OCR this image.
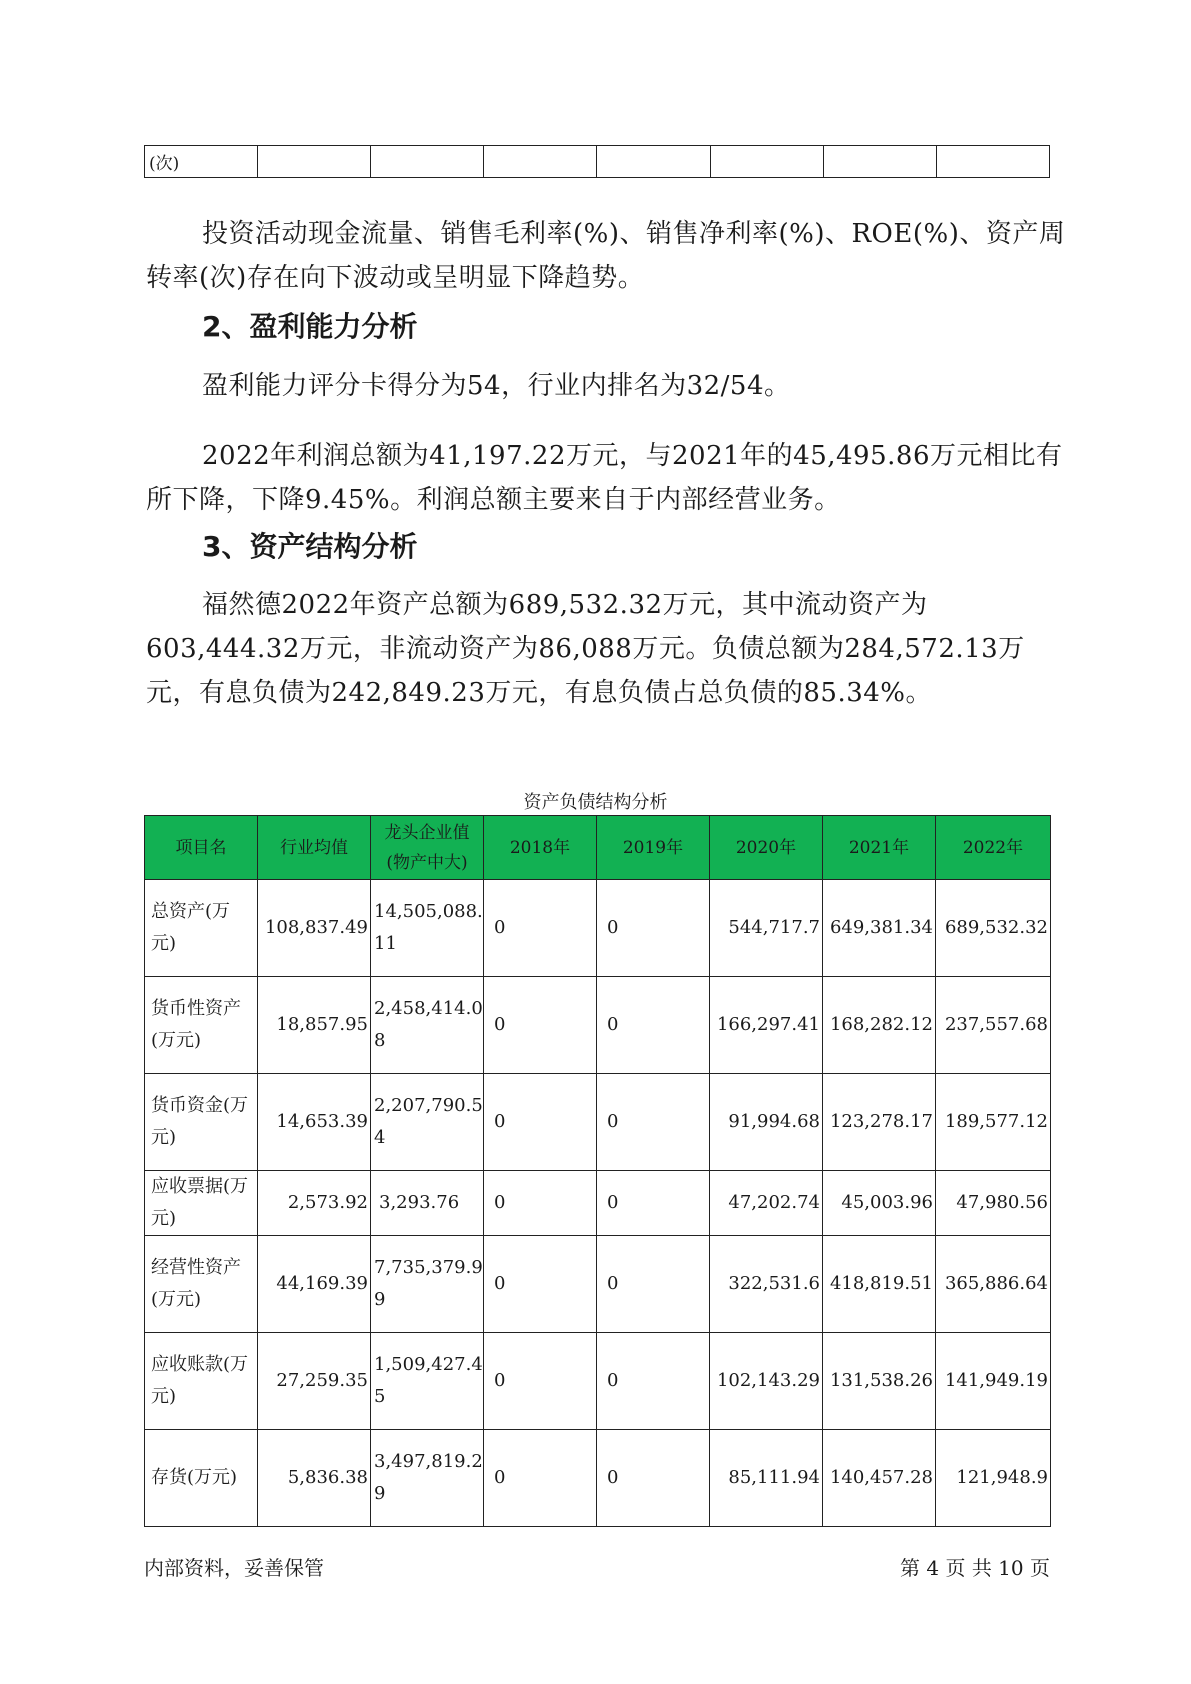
(次)							

投资活动现金流量、销售毛利率(%)、销售净利率(%)、ROE(%)、资产周转率(次)存在向下波动或呈明显下降趋势。

2、盈利能力分析

盈利能力评分卡得分为54，行业内排名为32/54。

2022年利润总额为41,197.22万元，与2021年的45,495.86万元相比有所下降，下降9.45%。利润总额主要来自于内部经营业务。

3、资产结构分析

福然德2022年资产总额为689,532.32万元，其中流动资产为603,444.32万元，非流动资产为86,088万元。负债总额为284,572.13万元，有息负债为242,849.23万元，有息负债占总负债的85.34%。

资产负债结构分析

项目名	行业均值	龙头企业值(物产中大)	2018年	2019年	2020年	2021年	2022年
总资产(万元)	108,837.49	14,505,088.11	0	0	544,717.7	649,381.34	689,532.32
货币性资产(万元)	18,857.95	2,458,414.08	0	0	166,297.41	168,282.12	237,557.68
货币资金(万元)	14,653.39	2,207,790.54	0	0	91,994.68	123,278.17	189,577.12
应收票据(万元)	2,573.92	3,293.76	0	0	47,202.74	45,003.96	47,980.56
经营性资产(万元)	44,169.39	7,735,379.99	0	0	322,531.6	418,819.51	365,886.64
应收账款(万元)	27,259.35	1,509,427.45	0	0	102,143.29	131,538.26	141,949.19
存货(万元)	5,836.38	3,497,819.29	0	0	85,111.94	140,457.28	121,948.9
内部资料，妥善保管	第 4 页 共 10 页
